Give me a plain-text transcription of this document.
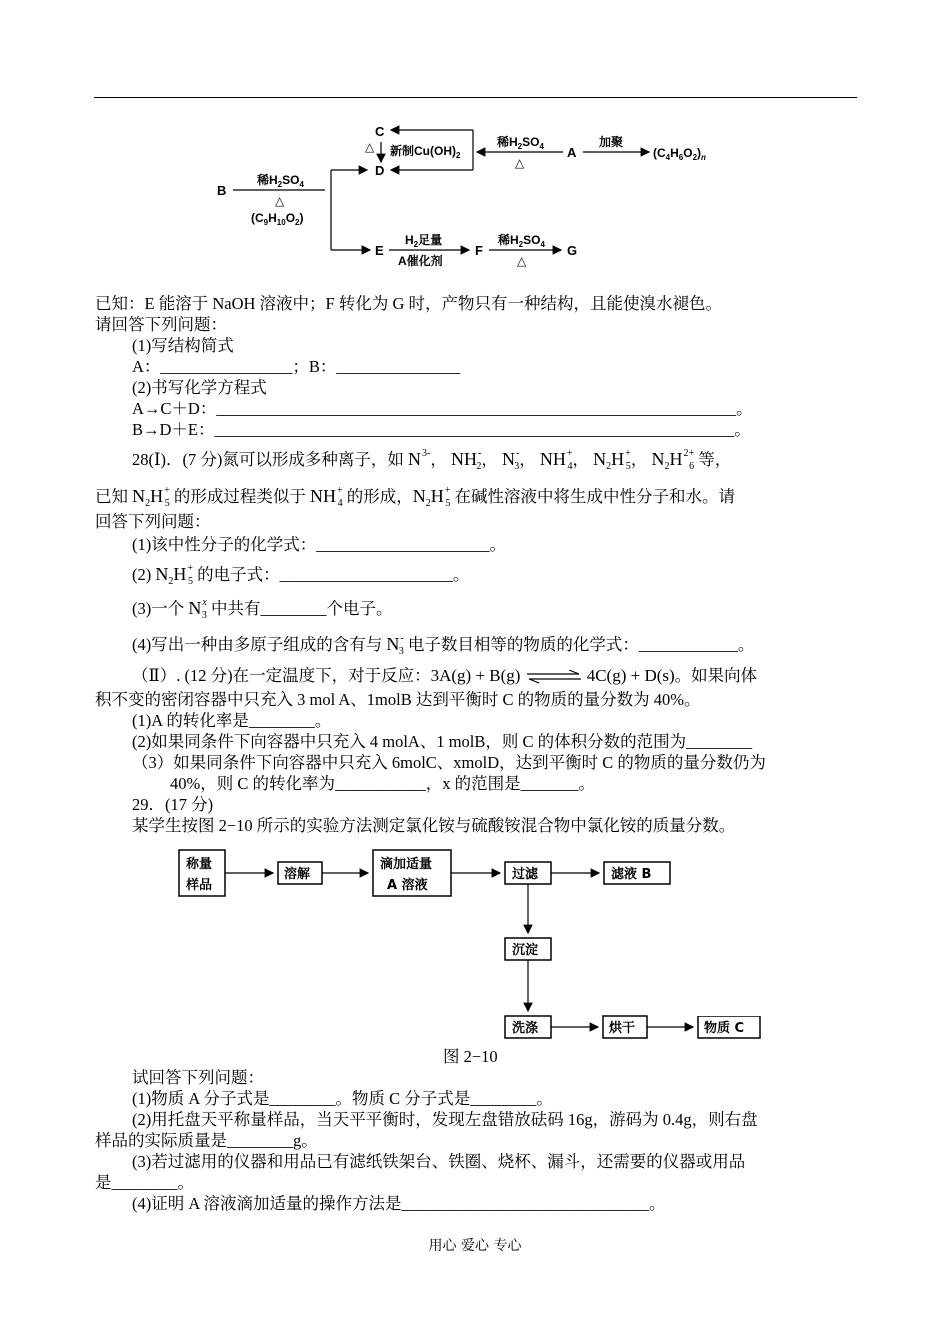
C
D
△ 新制$Cu(OH)_2$
稀$H_2SO_4$
△
A
加聚
$(C_4H_6O_2)_n$
B
稀$H_2SO_4$
△
$(C_9H_{10}O_2)$
E
$H_2$足量
A催化剂
F
稀$H_2SO_4$
△
G
已知：E 能溶于 NaOH 溶液中；F 转化为 G 时，产物只有一种结构，且能使溴水褪色。
请回答下列问题：
(1)写结构简式
A：________________；B：_______________
(2)书写化学方程式
A→C＋D：_______________________________________________________________。
B→D＋E：_______________________________________________________________。
28(Ⅰ)．(7 分)氮可以形成多种离子，如 $N^{3-}$， $NH^-_2$， $N^-_3$， $NH^+_4$， $N_2H^+_5$， $N_2H^{2+}_6$ 等，
已知 $N_2H^+_5$ 的形成过程类似于 $NH^+_4$ 的形成，$N_2H^+_5$ 在碱性溶液中将生成中性分子和水。请
回答下列问题：
(1)该中性分子的化学式：_____________________。
(2) $N_2H^+_5$ 的电子式：_____________________。
(3)一个 $N^x_3$ 中共有________个电子。
(4)写出一种由多原子组成的含有与 $N^-_3$ 电子数目相等的物质的化学式：____________。
（Ⅱ）. (12 分)在一定温度下，对于反应：3A(g) + B(g) ⇌ 4C(g) + D(s)。如果向体
积不变的密闭容器中只充入 3 mol A、1molB 达到平衡时 C 的物质的量分数为 40%。
(1)A 的转化率是________。
(2)如果同条件下向容器中只充入 4 molA、1 molB，则 C 的体积分数的范围为________
（3）如果同条件下向容器中只充入 6molC、xmolD，达到平衡时 C 的物质的量分数仍为
40%，则 C 的转化率为___________，x 的范围是_______。
29．(17 分)
某学生按图 2−10 所示的实验方法测定氯化铵与硫酸铵混合物中氯化铵的质量分数。
称量
样品
溶解
滴加适量
A 溶液
过滤	滤液 B
沉淀
洗涤	烘干	物质 C
图 2−10
试回答下列问题：
(1)物质 A 分子式是________。物质 C 分子式是________。
(2)用托盘天平称量样品，当天平平衡时，发现左盘错放砝码 16g，游码为 0.4g，则右盘
样品的实际质量是________g。
(3)若过滤用的仪器和用品已有滤纸铁架台、铁圈、烧杯、漏斗，还需要的仪器或用品
是________。
(4)证明 A 溶液滴加适量的操作方法是______________________________。
用心 爱心 专心
